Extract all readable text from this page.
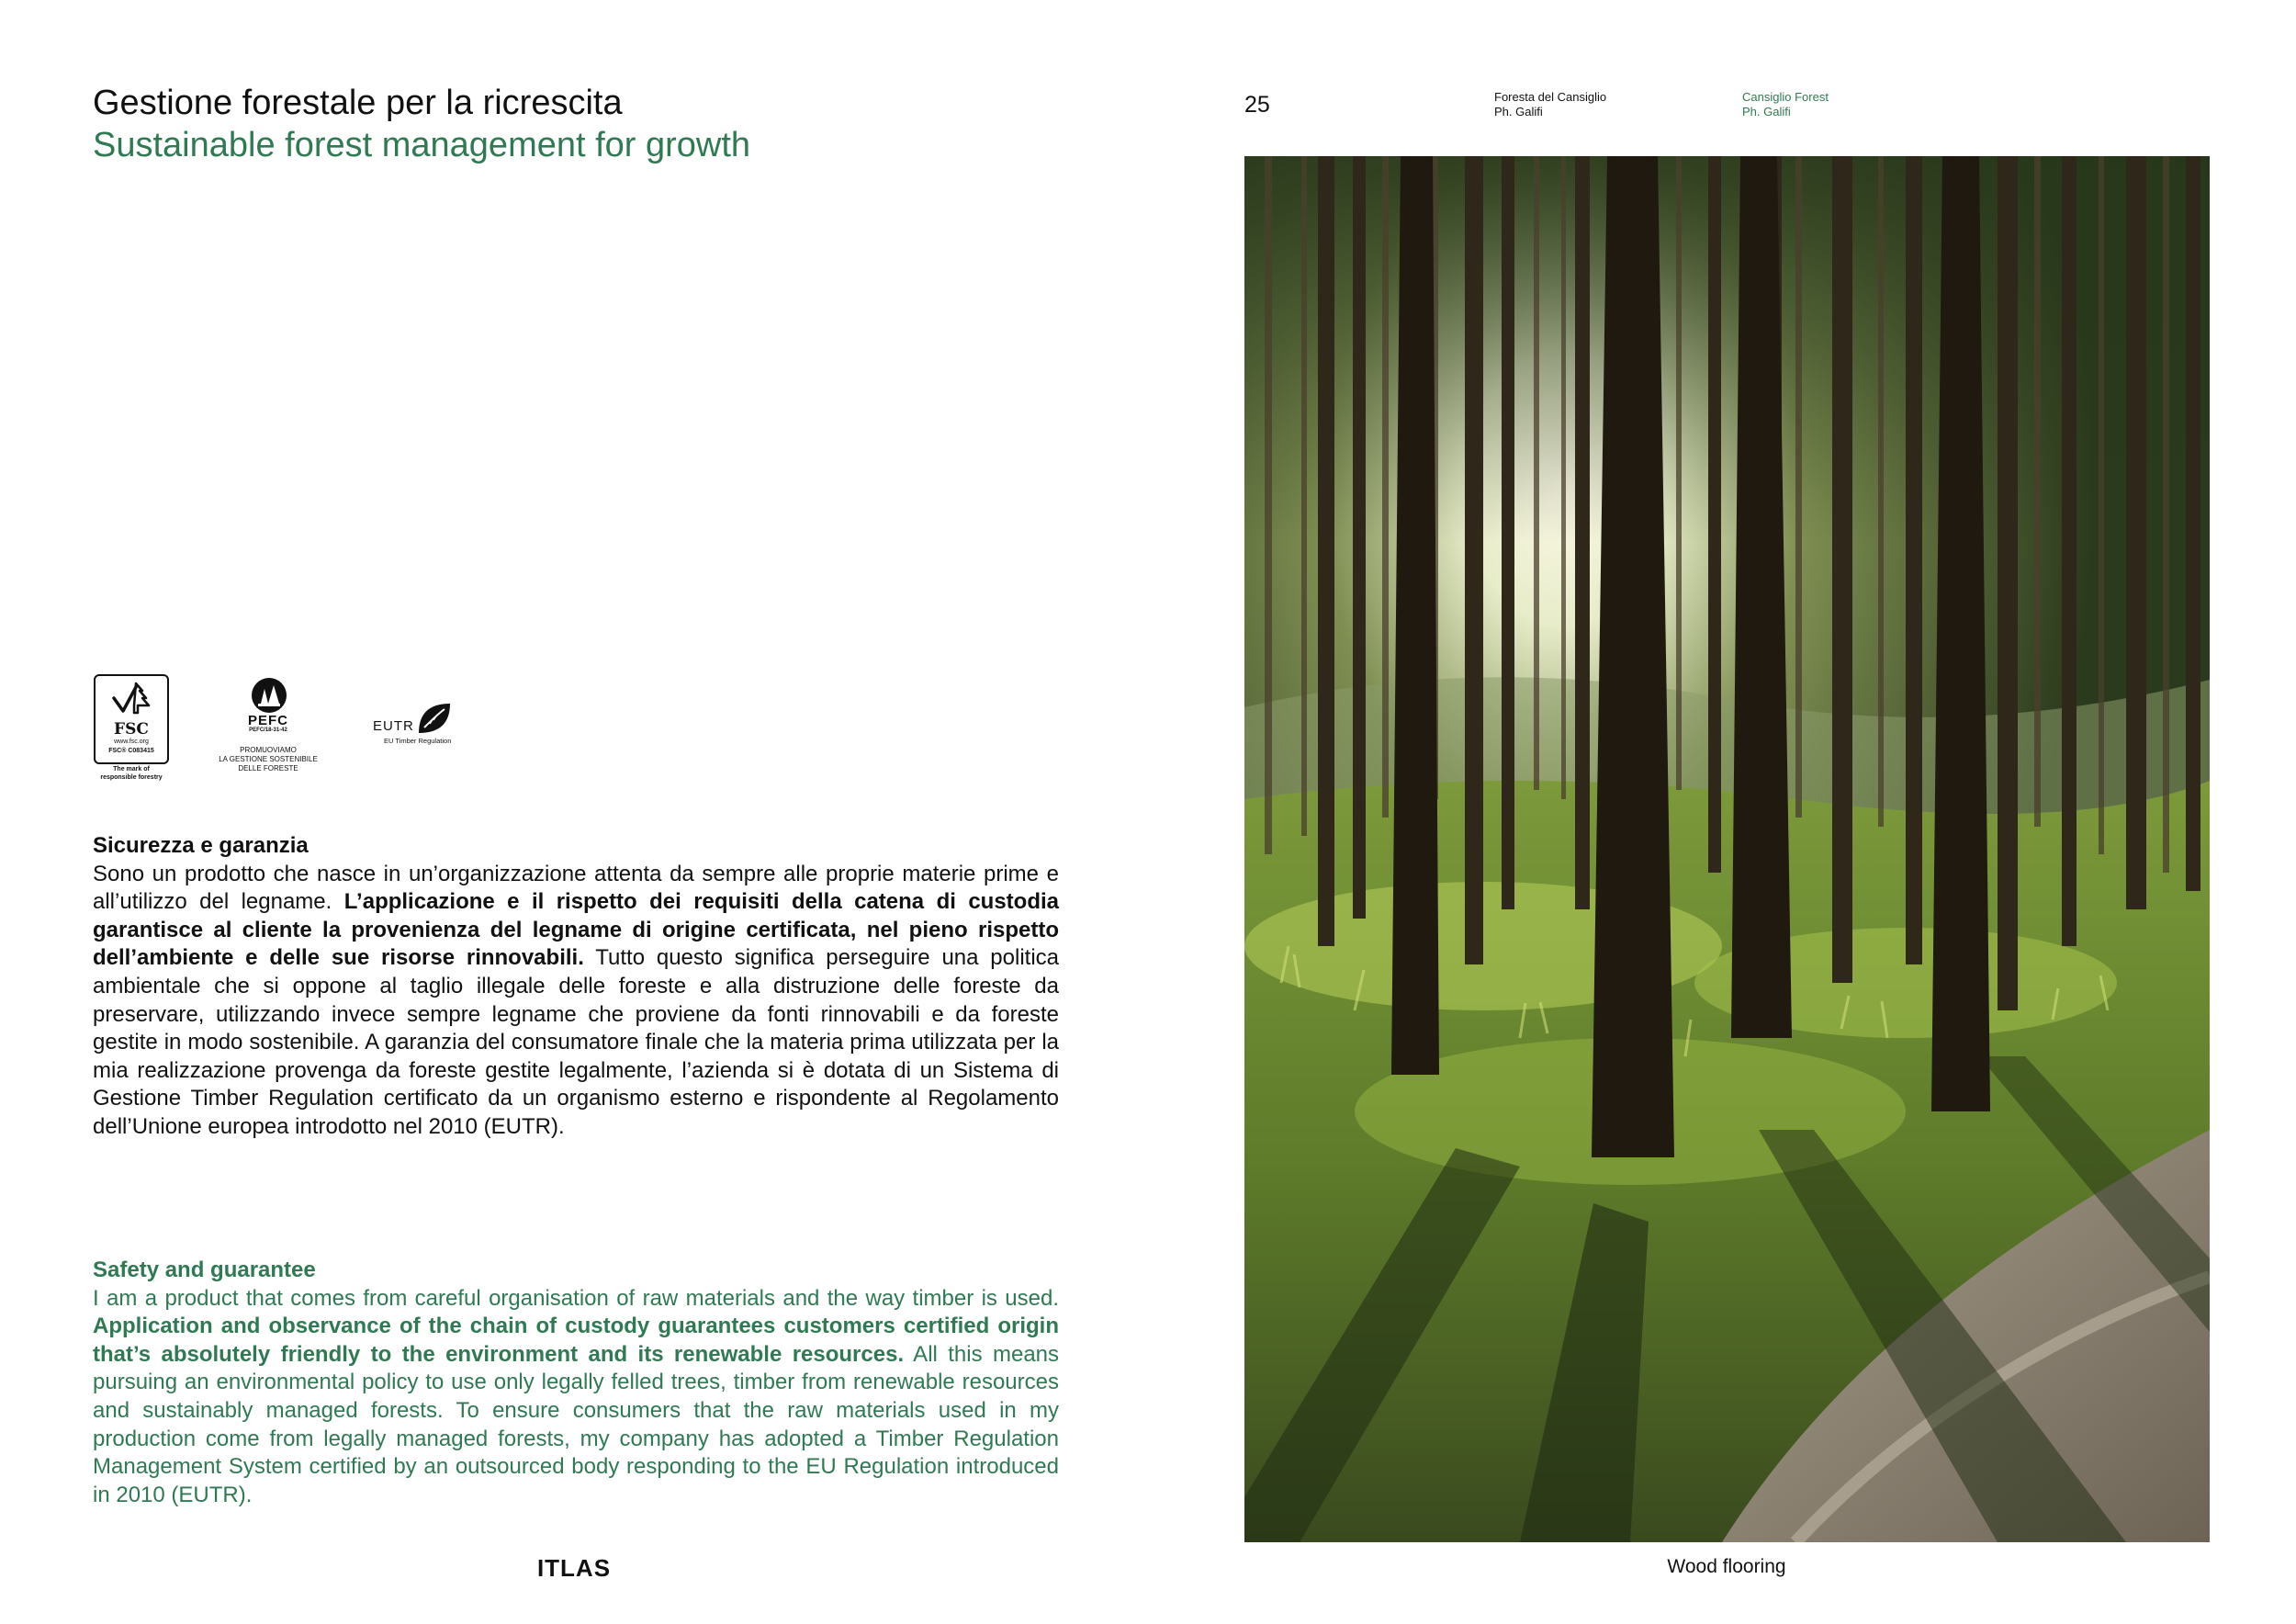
Gestione forestale per la ricrescita
Sustainable forest management for growth
FSC
www.fsc.org
FSC® C083415
The mark of
responsible forestry
PEFC
PEFC/18-31-42
PROMUOVIAMO
LA GESTIONE SOSTENIBILE
DELLE FORESTE
EUTR
EU Timber Regulation
Sicurezza e garanzia

Sono un prodotto che nasce in un’organizzazione attenta da sempre alle proprie materie prime e all’utilizzo del legname. L’applicazione e il rispetto dei requisiti della catena di custodia garantisce al cliente la provenienza del legname di origine certificata, nel pieno rispetto dell’ambiente e delle sue risorse rinnovabili. Tutto questo significa perseguire una politica ambientale che si oppone al taglio illegale delle foreste e alla distruzione delle foreste da preservare, utilizzando invece sempre legname che proviene da fonti rinnovabili e da foreste gestite in modo sostenibile. A garanzia del consumatore finale che la materia prima utilizzata per la mia realizzazione provenga da foreste gestite legalmente, l’azienda si è dotata di un Sistema di Gestione Timber Regulation certificato da un organismo esterno e rispondente al Regolamento dell’Unione europea introdotto nel 2010 (EUTR).

Safety and guarantee

I am a product that comes from careful organisation of raw materials and the way timber is used. Application and observance of the chain of custody guarantees customers certified origin that’s absolutely friendly to the environment and its renewable resources. All this means pursuing an environmental policy to use only legally felled trees, timber from renewable resources and sustainably managed forests. To ensure consumers that the raw materials used in my production come from legally managed forests, my company has adopted a Timber Regulation Management System certified by an outsourced body responding to the EU Regulation introduced in 2010 (EUTR).

ITLAS
25	Foresta del Cansiglio
Ph. Galifi
Cansiglio Forest
Ph. Galifi
Wood flooring
